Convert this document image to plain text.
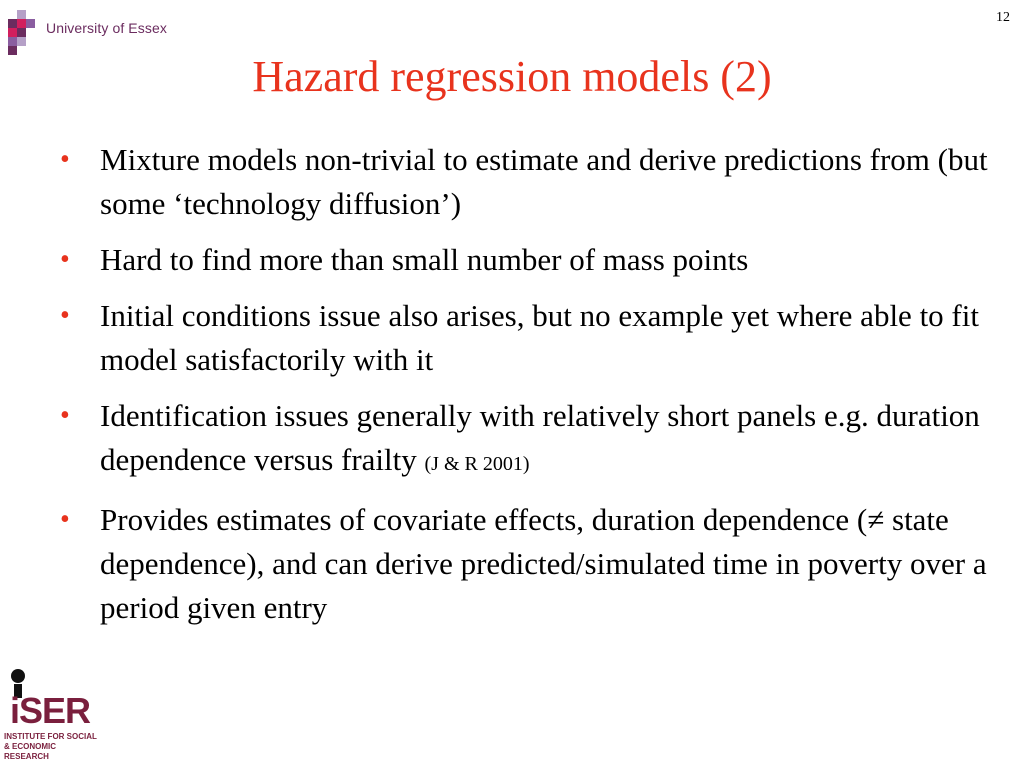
University of Essex
12
Hazard regression models (2)
• Mixture models non-trivial to estimate and derive predictions from (but some ‘technology diffusion’)
• Hard to find more than small number of mass points
• Initial conditions issue also arises, but no example yet where able to fit model satisfactorily with it
• Identification issues generally with relatively short panels e.g. duration dependence versus frailty (J & R 2001)
• Provides estimates of covariate effects, duration dependence (≠ state dependence), and can derive predicted/simulated time in poverty over a period given entry
iSER
INSTITUTE FOR SOCIAL
& ECONOMIC RESEARCH
